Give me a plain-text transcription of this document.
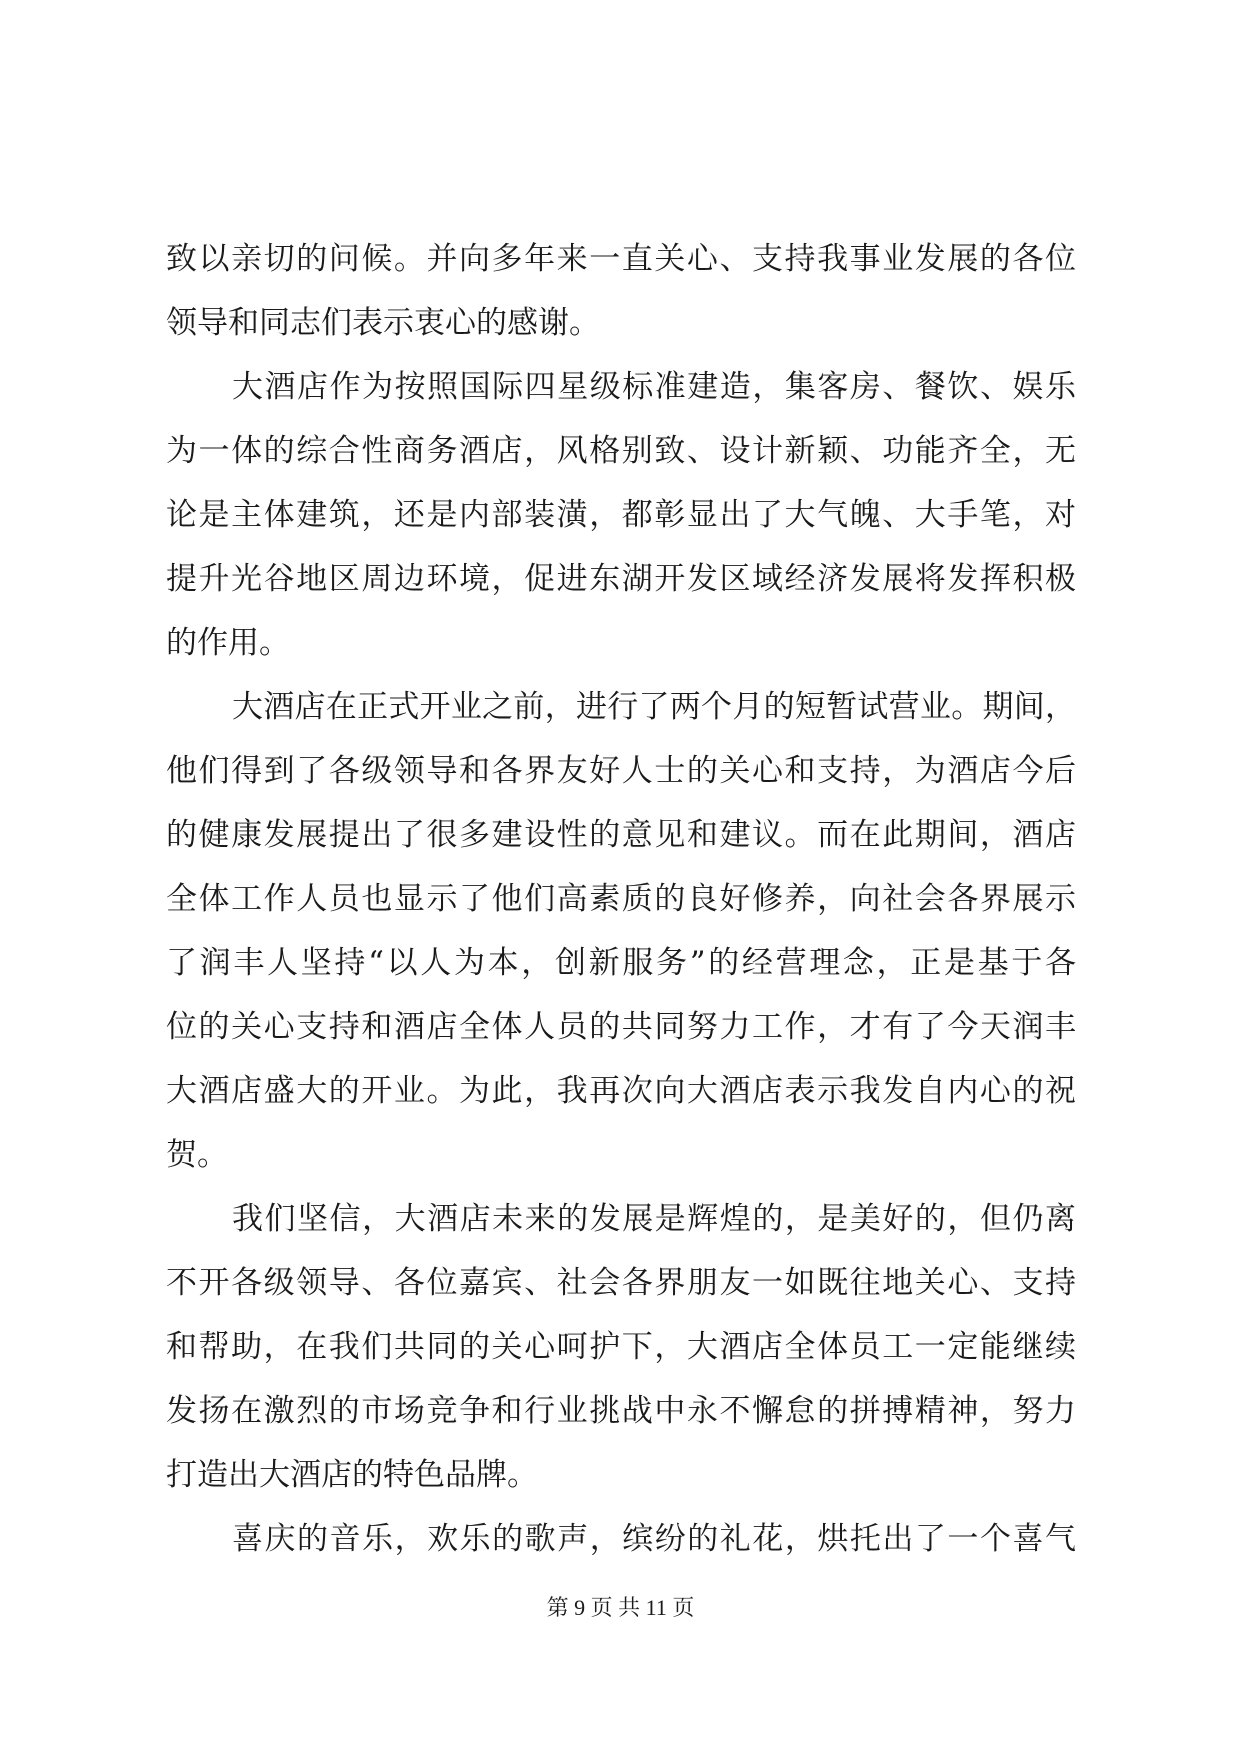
致以亲切的问候。并向多年来一直关心、支持我事业发展的各位
领导和同志们表示衷心的感谢。
大酒店作为按照国际四星级标准建造，集客房、餐饮、娱乐
为一体的综合性商务酒店，风格别致、设计新颖、功能齐全，无
论是主体建筑，还是内部装潢，都彰显出了大气魄、大手笔，对
提升光谷地区周边环境，促进东湖开发区域经济发展将发挥积极
的作用。
大酒店在正式开业之前，进行了两个月的短暂试营业。期间，
他们得到了各级领导和各界友好人士的关心和支持，为酒店今后
的健康发展提出了很多建设性的意见和建议。而在此期间，酒店
全体工作人员也显示了他们高素质的良好修养，向社会各界展示
了润丰人坚持“以人为本，创新服务”的经营理念，正是基于各
位的关心支持和酒店全体人员的共同努力工作，才有了今天润丰
大酒店盛大的开业。为此，我再次向大酒店表示我发自内心的祝
贺。
我们坚信，大酒店未来的发展是辉煌的，是美好的，但仍离
不开各级领导、各位嘉宾、社会各界朋友一如既往地关心、支持
和帮助，在我们共同的关心呵护下，大酒店全体员工一定能继续
发扬在激烈的市场竞争和行业挑战中永不懈怠的拼搏精神，努力
打造出大酒店的特色品牌。
喜庆的音乐，欢乐的歌声，缤纷的礼花，烘托出了一个喜气
第 9 页 共 11 页
